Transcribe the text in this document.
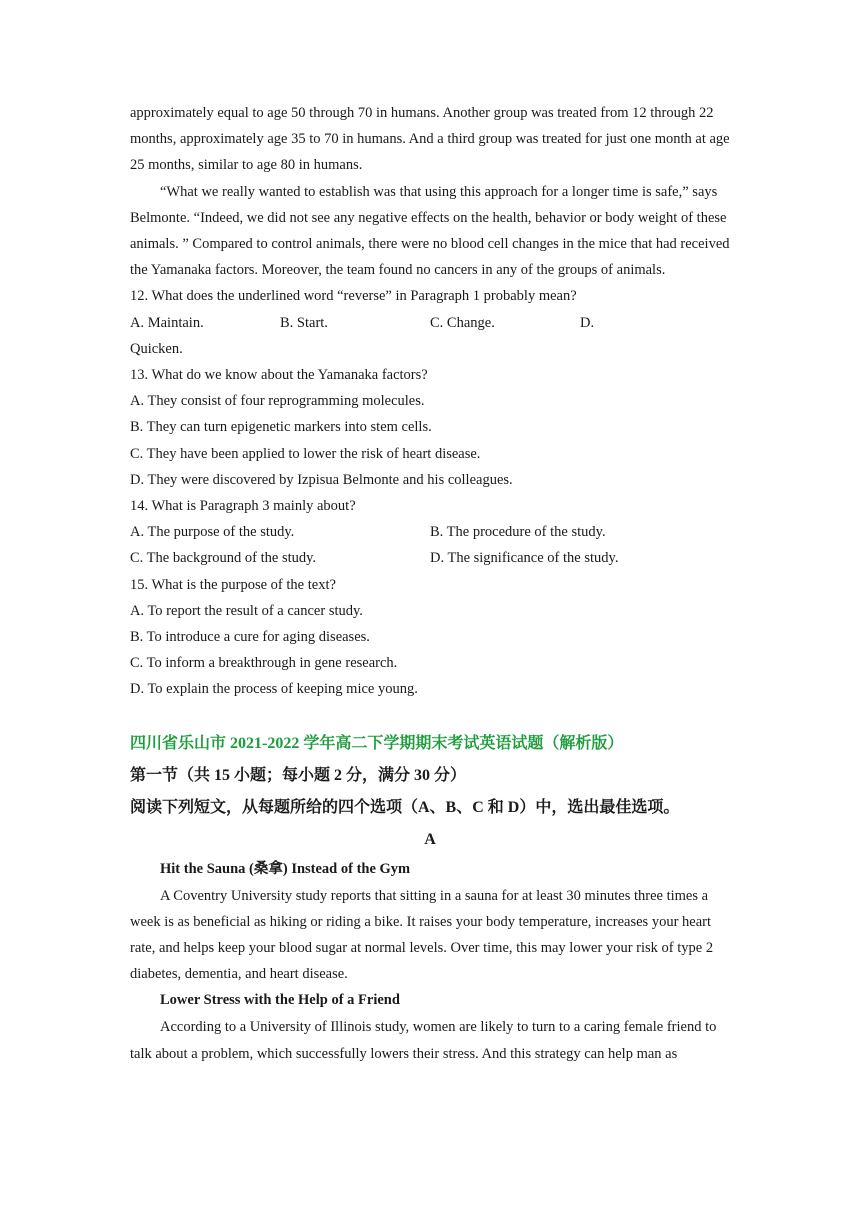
approximately equal to age 50 through 70 in humans. Another group was treated from 12 through 22 months, approximately age 35 to 70 in humans. And a third group was treated for just one month at age 25 months, similar to age 80 in humans.

“What we really wanted to establish was that using this approach for a longer time is safe,” says Belmonte. “Indeed, we did not see any negative effects on the health, behavior or body weight of these animals. ” Compared to control animals, there were no blood cell changes in the mice that had received the Yamanaka factors. Moreover, the team found no cancers in any of the groups of animals.

12. What does the underlined word “reverse” in Paragraph 1 probably mean?

A. Maintain.	B. Start.	C. Change.	D.

Quicken.

13. What do we know about the Yamanaka factors?

A. They consist of four reprogramming molecules.

B. They can turn epigenetic markers into stem cells.

C. They have been applied to lower the risk of heart disease.

D. They were discovered by Izpisua Belmonte and his colleagues.

14. What is Paragraph 3 mainly about?

A. The purpose of the study.	B. The procedure of the study.
C. The background of the study.	D. The significance of the study.

15. What is the purpose of the text?

A. To report the result of a cancer study.

B. To introduce a cure for aging diseases.

C. To inform a breakthrough in gene research.

D. To explain the process of keeping mice young.

四川省乐山市 2021-2022 学年高二下学期期末考试英语试题（解析版）

第一节（共 15 小题；每小题 2 分，满分 30 分）

阅读下列短文，从每题所给的四个选项（A、B、C 和 D）中，选出最佳选项。

A

Hit the Sauna (桑拿) Instead of the Gym

A Coventry University study reports that sitting in a sauna for at least 30 minutes three times a week is as beneficial as hiking or riding a bike. It raises your body temperature, increases your heart rate, and helps keep your blood sugar at normal levels. Over time, this may lower your risk of type 2 diabetes, dementia, and heart disease.

Lower Stress with the Help of a Friend

According to a University of Illinois study, women are likely to turn to a caring female friend to talk about a problem, which successfully lowers their stress. And this strategy can help man as
